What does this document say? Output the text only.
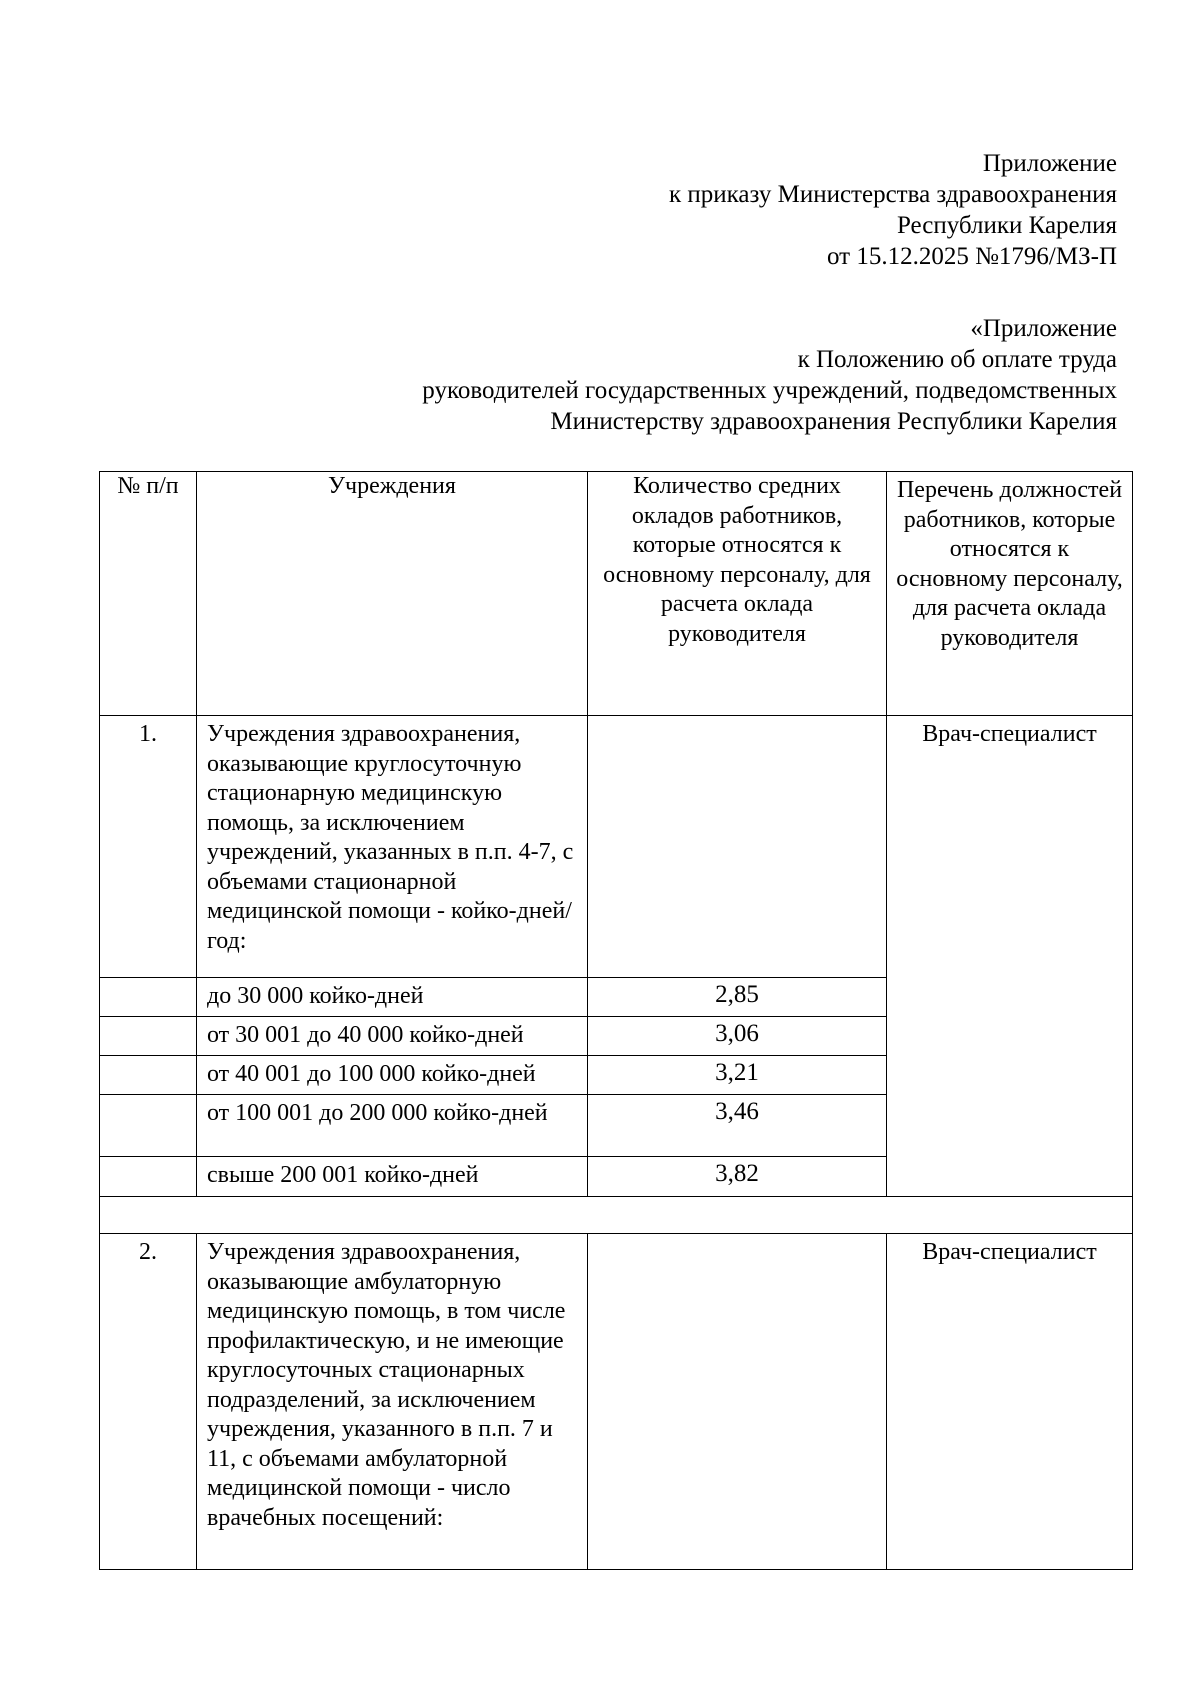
Приложение
к приказу Министерства здравоохранения
Республики Карелия
от 15.12.2025 №1796/МЗ-П
«Приложение
к Положению об оплате труда
руководителей государственных учреждений, подведомственных
Министерству здравоохранения Республики Карелия
№ п/п	Учреждения	Количество средних окладов работников, которые относятся к основному персоналу, для расчета оклада руководителя	Перечень должностей работников, которые относятся к основному персоналу, для расчета оклада руководителя
1.	Учреждения здравоохранения, оказывающие круглосуточную стационарную медицинскую помощь, за исключением учреждений, указанных в п.п. 4-7, с объемами стационарной медицинской помощи - койко-дней/год:		Врач-специалист
	до 30 000 койко-дней	2,85	
	от 30 001 до 40 000 койко-дней	3,06	
	от 40 001 до 100 000 койко-дней	3,21	
	от 100 001 до 200 000 койко-дней	3,46	
	свыше 200 001 койко-дней	3,82	

2.	Учреждения здравоохранения, оказывающие амбулаторную медицинскую помощь, в том числе профилактическую, и не имеющие круглосуточных стационарных подразделений, за исключением учреждения, указанного в п.п. 7 и 11, с объемами амбулаторной медицинской помощи - число врачебных посещений:		Врач-специалист
